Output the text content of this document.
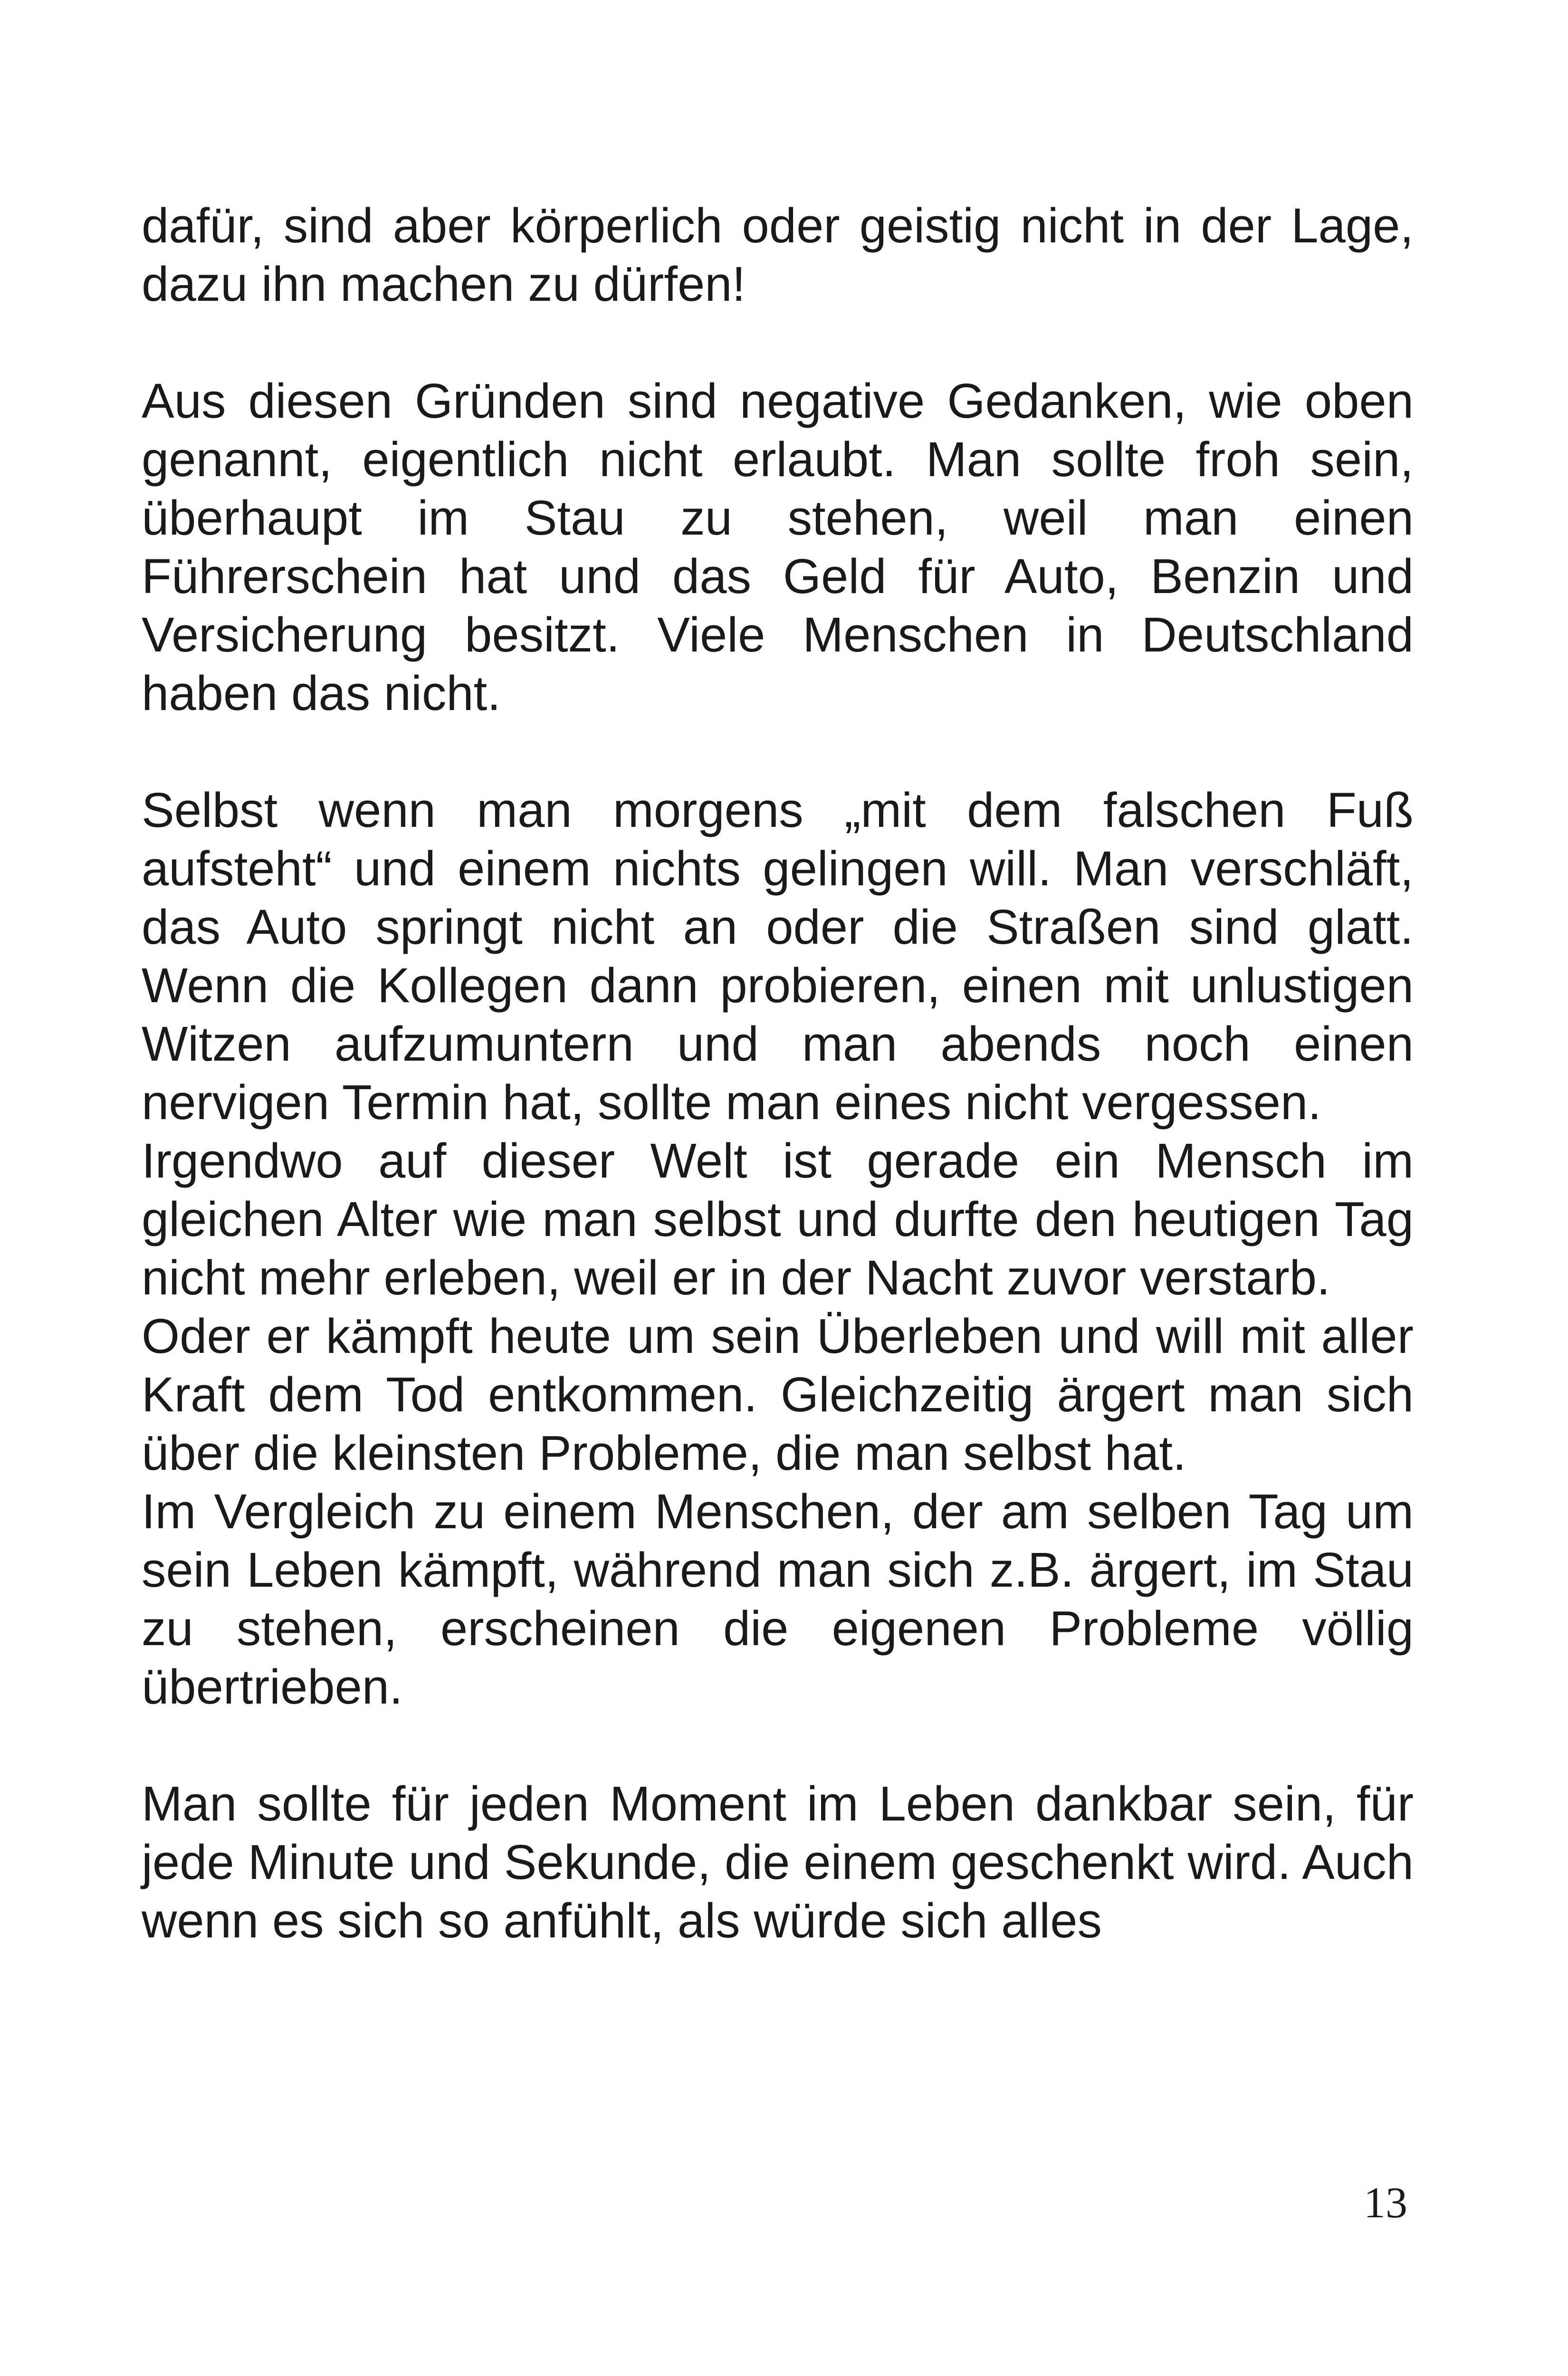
dafür, sind aber körperlich oder geistig nicht in der Lage, dazu ihn machen zu dürfen!

Aus diesen Gründen sind negative Gedanken, wie oben genannt, eigentlich nicht erlaubt. Man sollte froh sein, überhaupt im Stau zu stehen, weil man einen Führerschein hat und das Geld für Auto, Benzin und Versicherung besitzt. Viele Menschen in Deutschland haben das nicht.

Selbst wenn man morgens „mit dem falschen Fuß aufsteht“ und einem nichts gelingen will. Man verschläft, das Auto springt nicht an oder die Straßen sind glatt. Wenn die Kollegen dann probieren, einen mit unlustigen Witzen aufzumuntern und man abends noch einen nervigen Termin hat, sollte man eines nicht vergessen.

Irgendwo auf dieser Welt ist gerade ein Mensch im gleichen Alter wie man selbst und durfte den heutigen Tag nicht mehr erleben, weil er in der Nacht zuvor verstarb.

Oder er kämpft heute um sein Überleben und will mit aller Kraft dem Tod entkommen. Gleichzeitig ärgert man sich über die kleinsten Probleme, die man selbst hat.

Im Vergleich zu einem Menschen, der am selben Tag um sein Leben kämpft, während man sich z.B. ärgert, im Stau zu stehen, erscheinen die eigenen Probleme völlig übertrieben.

Man sollte für jeden Moment im Leben dankbar sein, für jede Minute und Sekunde, die einem geschenkt wird. Auch wenn es sich so anfühlt, als würde sich alles

13
